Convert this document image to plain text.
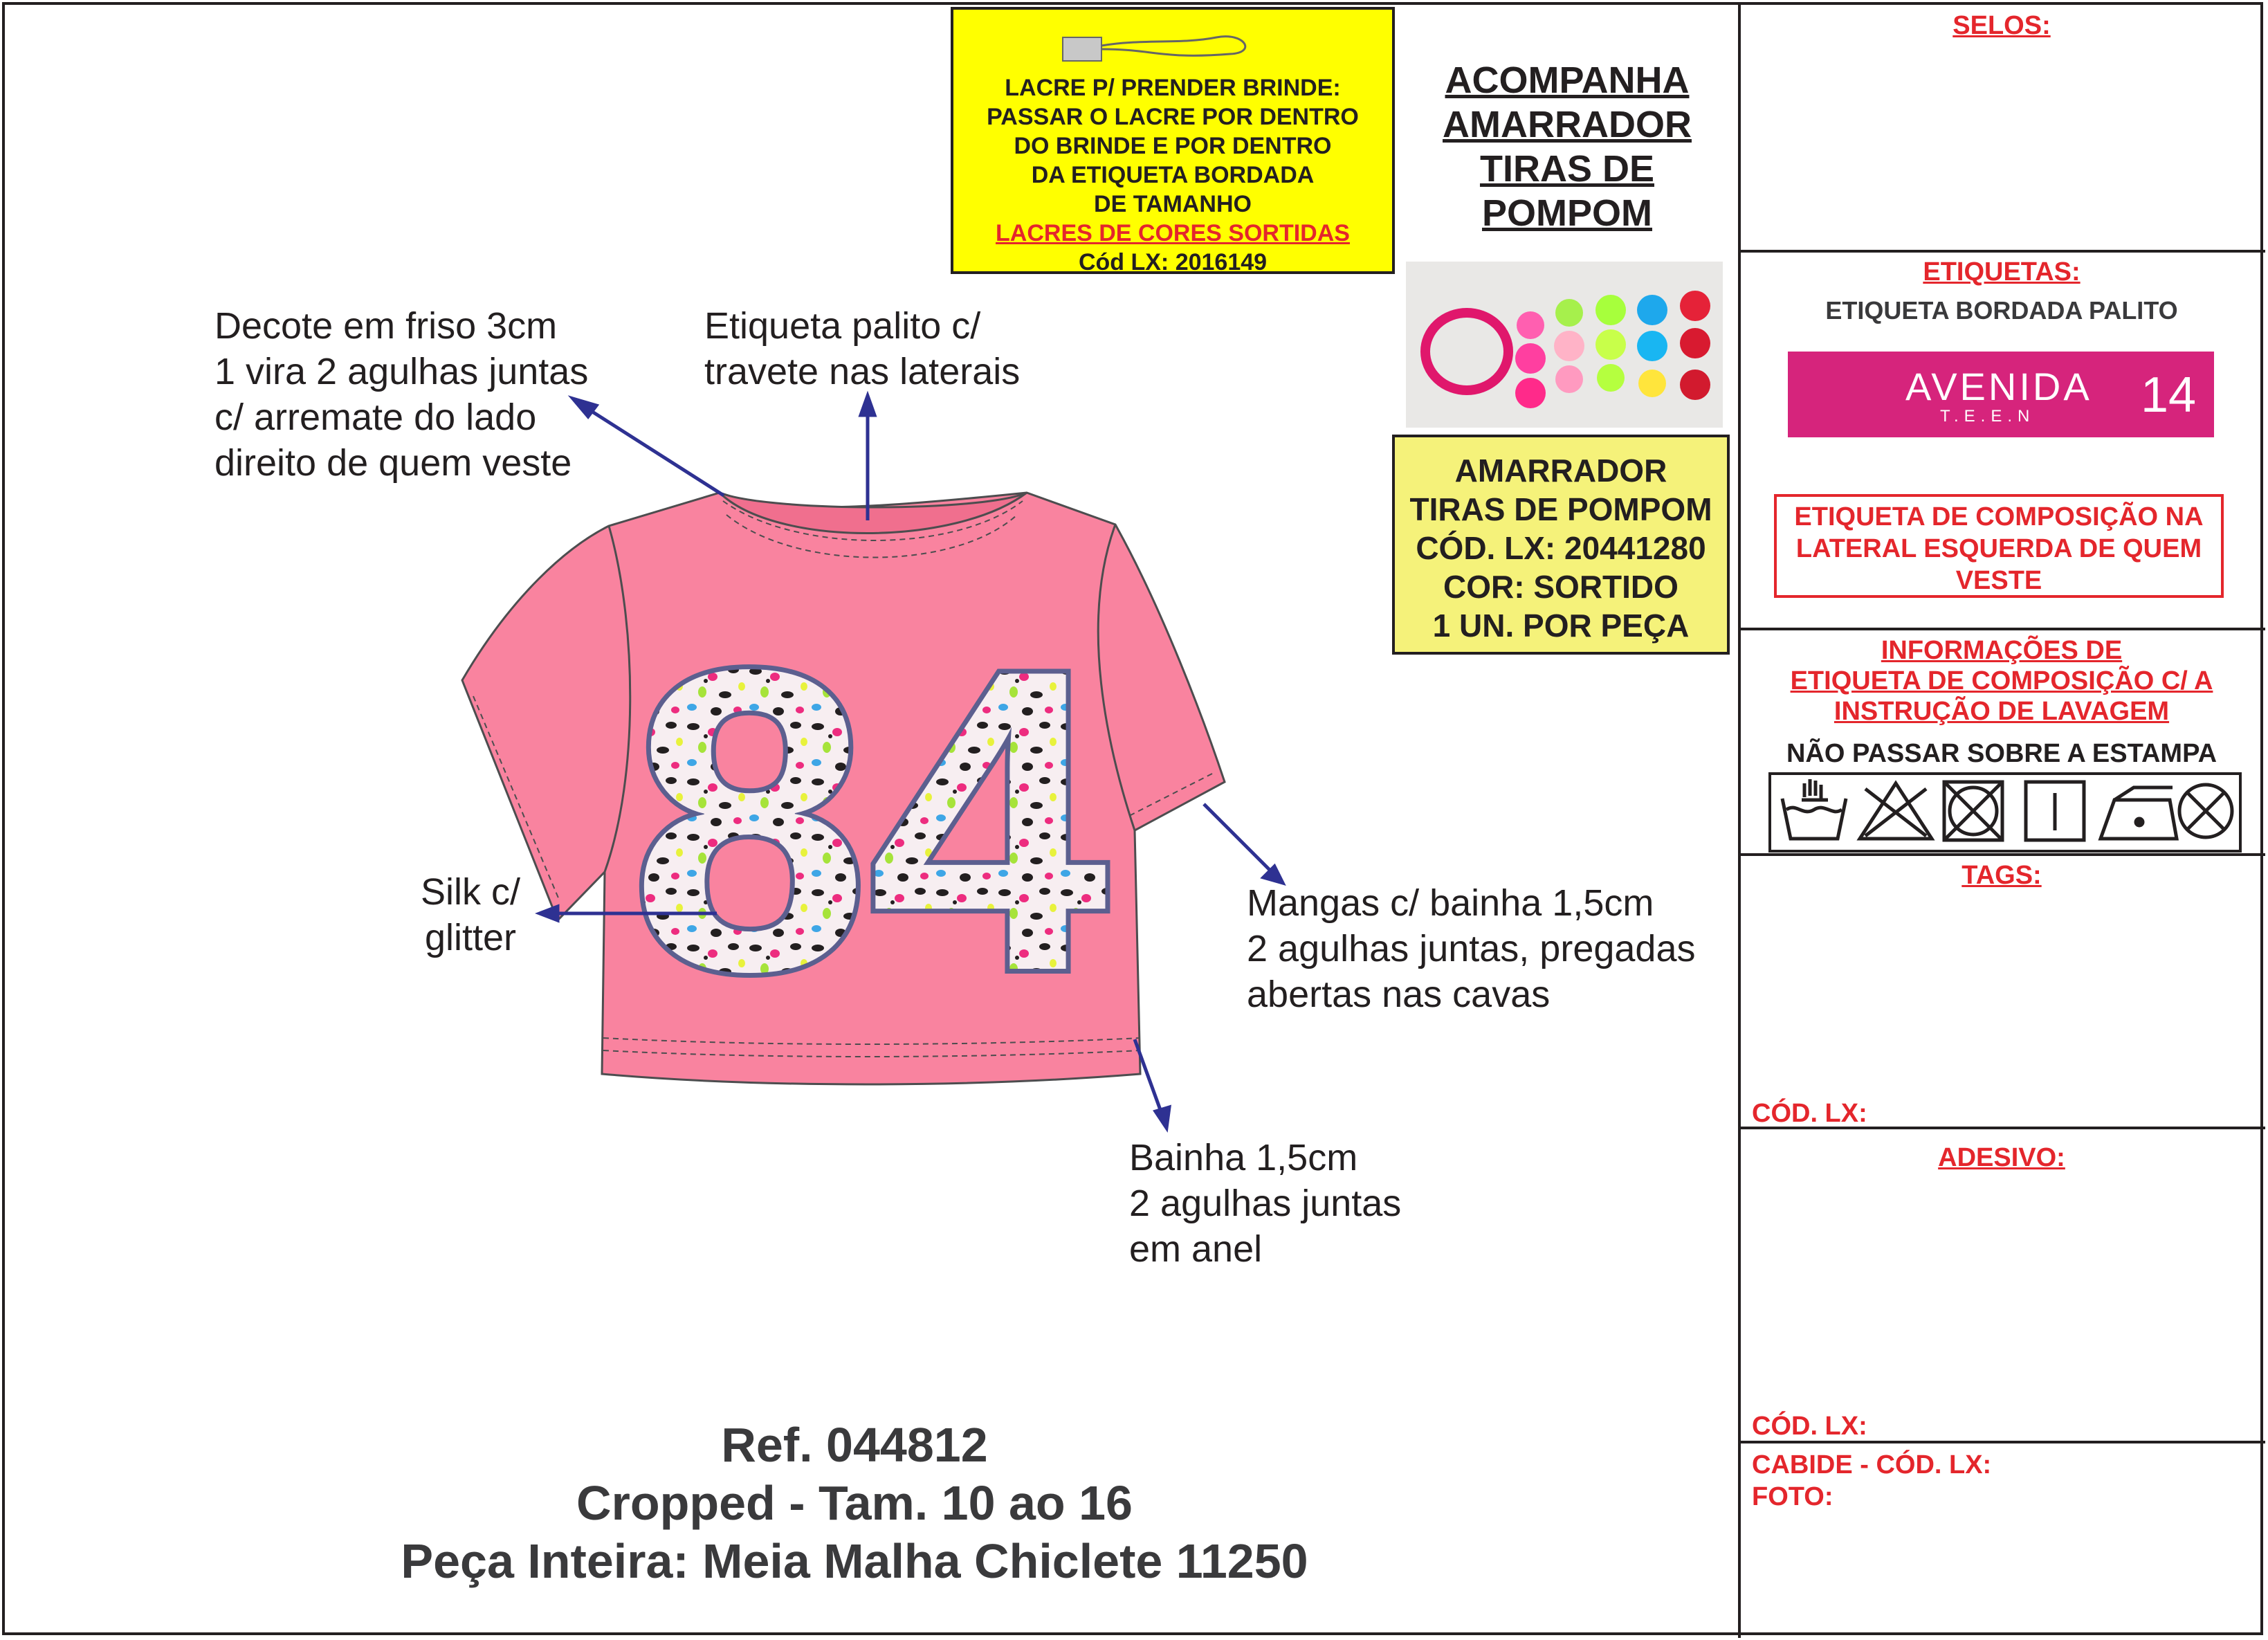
84
Decote em friso 3cm
1 vira 2 agulhas juntas
c/ arremate do lado
direito de quem veste
Etiqueta palito c/
travete nas laterais
Silk c/
glitter
Mangas c/ bainha 1,5cm
2 agulhas juntas, pregadas
abertas nas cavas
Bainha 1,5cm
2 agulhas juntas
em anel
LACRE P/ PRENDER BRINDE:
PASSAR O LACRE POR DENTRO
DO BRINDE E POR DENTRO
DA ETIQUETA BORDADA
DE TAMANHO
LACRES DE CORES SORTIDAS
Cód LX: 2016149
ACOMPANHA
AMARRADOR
TIRAS DE
POMPOM
AMARRADOR
TIRAS DE POMPOM
CÓD. LX: 20441280
COR: SORTIDO
1 UN. POR PEÇA
Ref. 044812
Cropped - Tam. 10 ao 16
Peça Inteira: Meia Malha Chiclete 11250
SELOS:
ETIQUETAS:
ETIQUETA BORDADA PALITO
AVENIDA
T.E.E.N 14
ETIQUETA DE COMPOSIÇÃO NA LATERAL ESQUERDA DE QUEM VESTE
INFORMAÇÕES DE
ETIQUETA DE COMPOSIÇÃO C/ A
INSTRUÇÃO DE LAVAGEM
NÃO PASSAR SOBRE A ESTAMPA
TAGS:
CÓD. LX:
ADESIVO:
CÓD. LX:
CABIDE - CÓD. LX:
FOTO:
